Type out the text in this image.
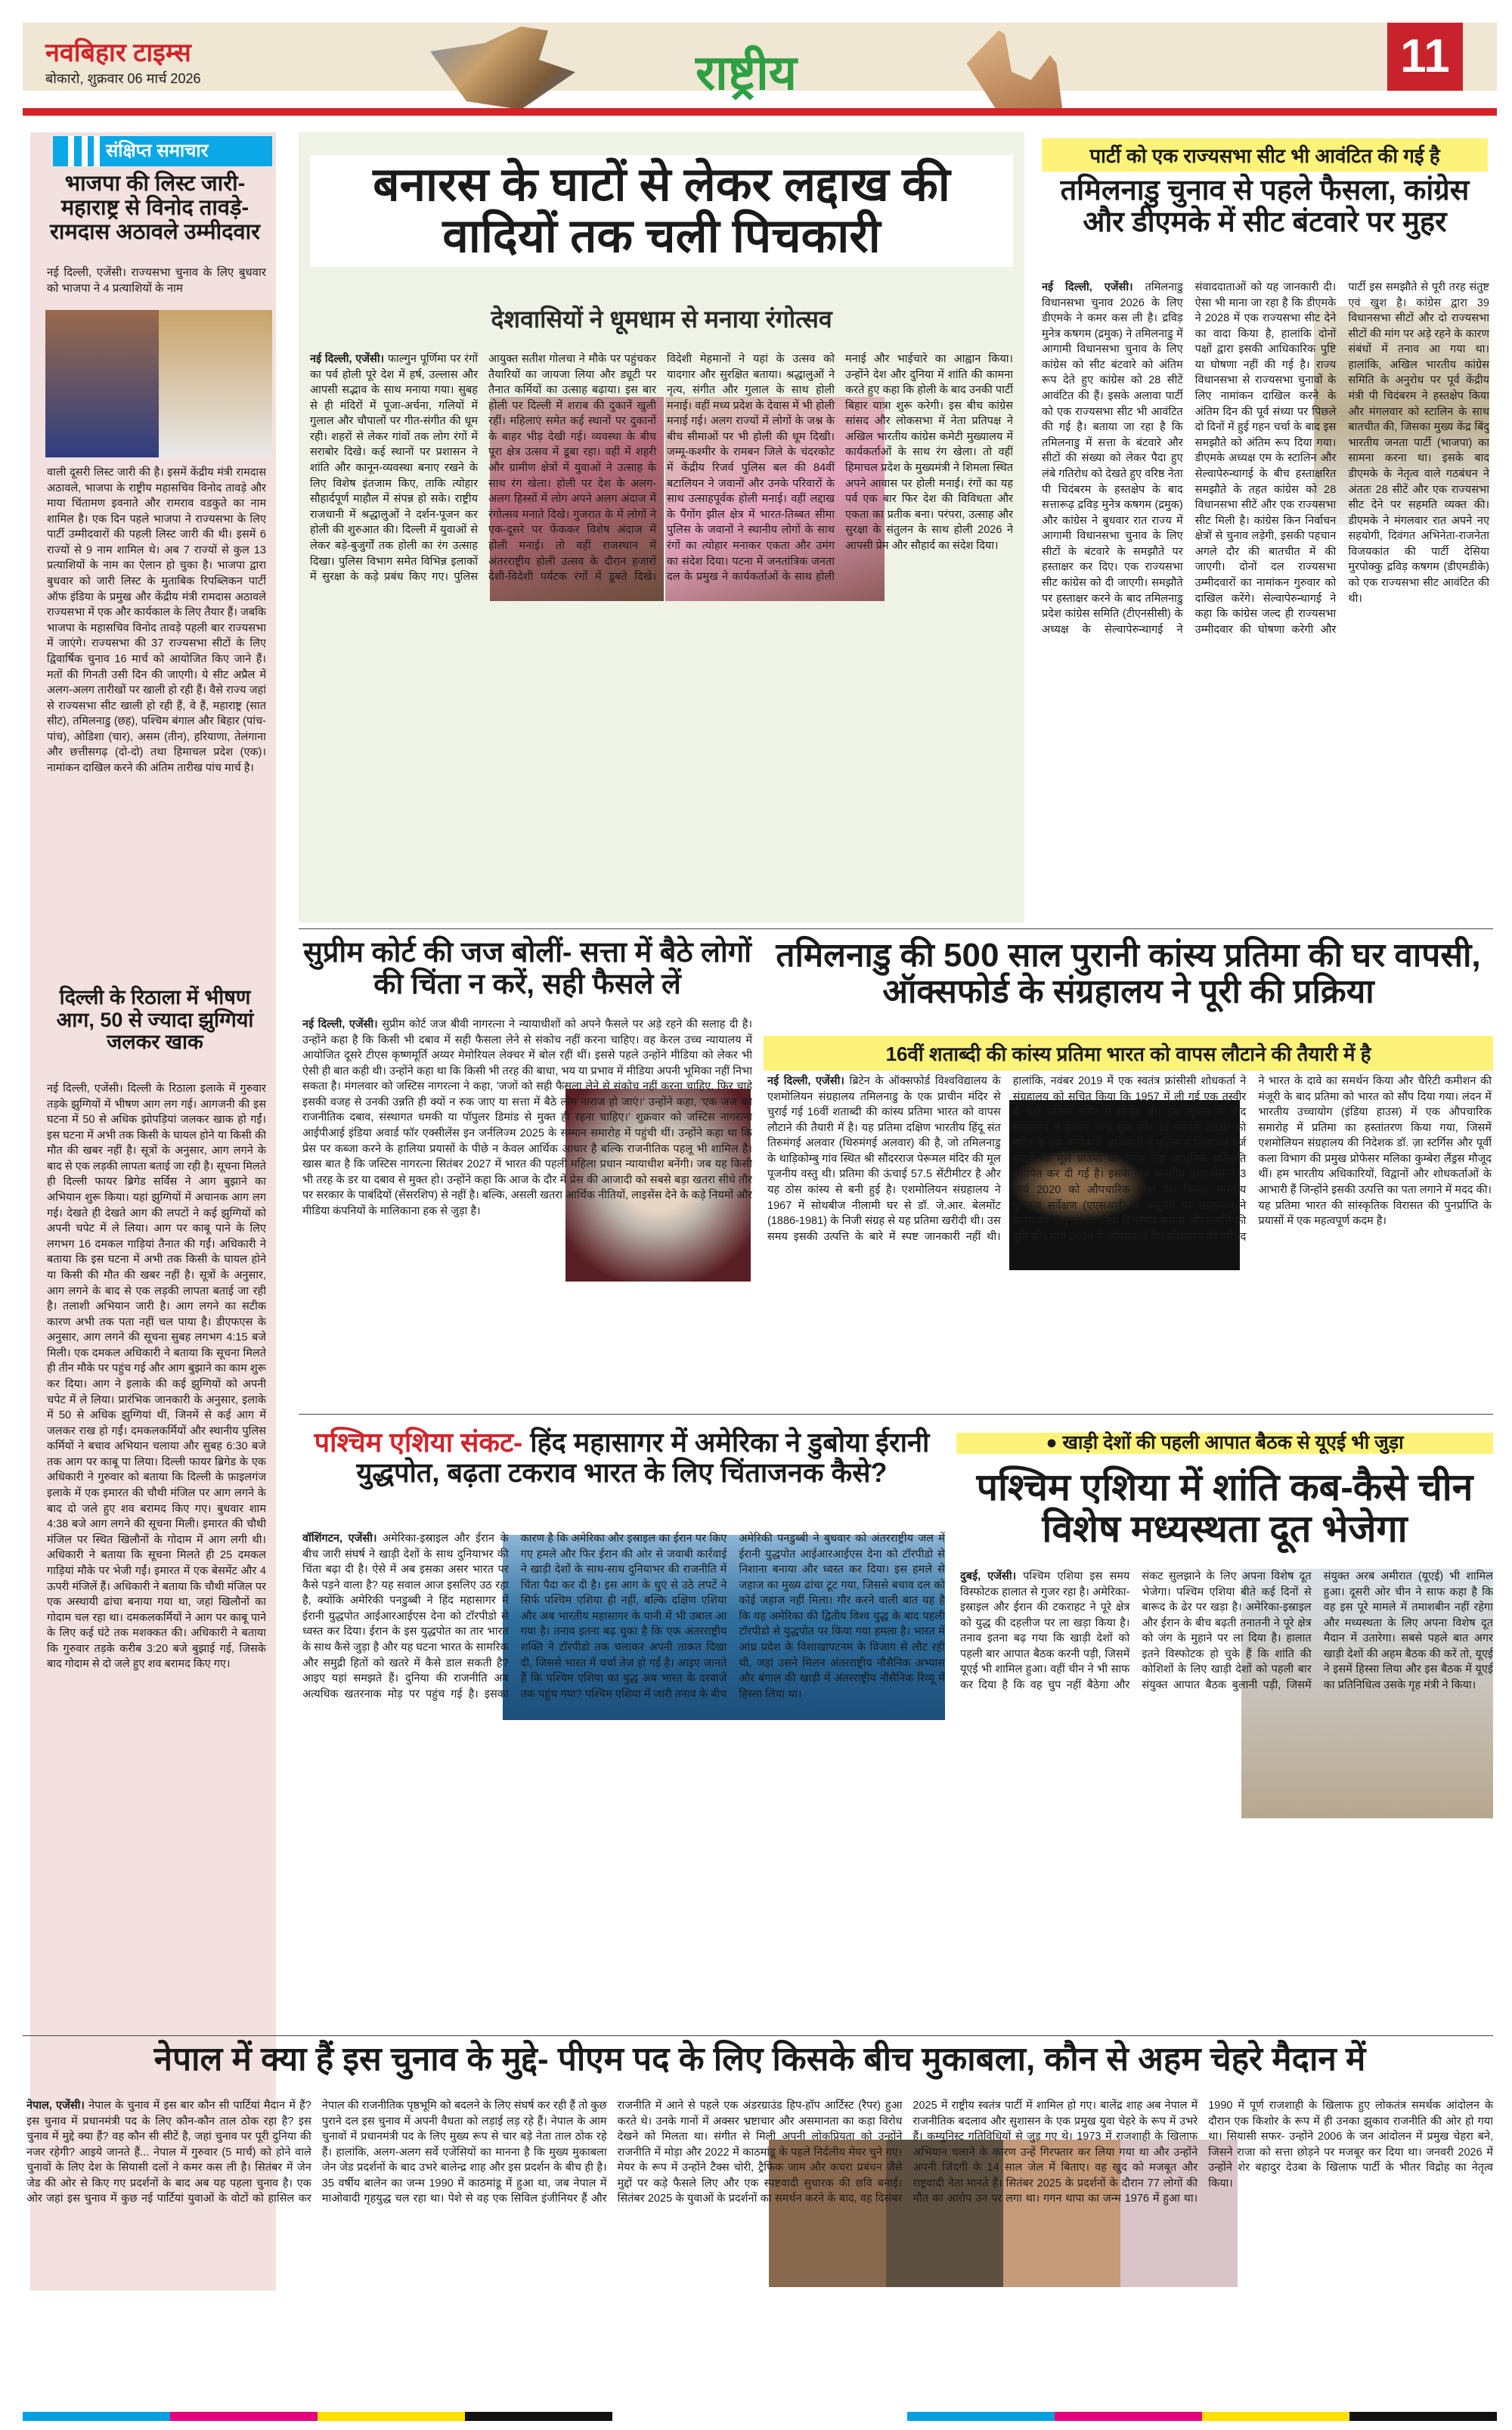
नवबिहार टाइम्स
बोकारो, शुक्रवार 06 मार्च 2026	राष्ट्रीय	11
संक्षिप्त समाचार
भाजपा की लिस्ट जारी- महाराष्ट्र से विनोद तावड़े- रामदास अठावले उम्मीदवार
नई दिल्ली, एजेंसी। राज्यसभा चुनाव के लिए बुधवार को भाजपा ने 4 प्रत्याशियों के नाम
वाली दूसरी लिस्ट जारी की है। इसमें केंद्रीय मंत्री रामदास अठावले, भाजपा के राष्ट्रीय महासचिव विनोद तावड़े और माया चिंतामण इवनाते और रामराव वडकुते का नाम शामिल है। एक दिन पहले भाजपा ने राज्यसभा के लिए पार्टी उम्मीदवारों की पहली लिस्ट जारी की थी। इसमें 6 राज्यों से 9 नाम शामिल थे। अब 7 राज्यों से कुल 13 प्रत्याशियों के नाम का ऐलान हो चुका है। भाजपा द्वारा बुधवार को जारी लिस्ट के मुताबिक रिपब्लिकन पार्टी ऑफ इंडिया के प्रमुख और केंद्रीय मंत्री रामदास अठावले राज्यसभा में एक और कार्यकाल के लिए तैयार हैं। जबकि भाजपा के महासचिव विनोद तावड़े पहली बार राज्यसभा में जाएंगे। राज्यसभा की 37 राज्यसभा सीटों के लिए द्विवार्षिक चुनाव 16 मार्च को आयोजित किए जाने हैं। मतों की गिनती उसी दिन की जाएगी। ये सीट अप्रैल में अलग-अलग तारीखों पर खाली हो रही हैं। वैसे राज्य जहां से राज्यसभा सीट खाली हो रही हैं, वे हैं, महाराष्ट्र (सात सीट), तमिलनाडु (छह), पश्चिम बंगाल और बिहार (पांच-पांच), ओडिशा (चार), असम (तीन), हरियाणा, तेलंगाना और छत्तीसगढ़ (दो-दो) तथा हिमाचल प्रदेश (एक)। नामांकन दाखिल करने की अंतिम तारीख पांच मार्च है।
दिल्ली के रिठाला में भीषण आग, 50 से ज्यादा झुग्गियां जलकर खाक
नई दिल्ली, एजेंसी। दिल्ली के रिठाला इलाके में गुरुवार तड़के झुग्गियों में भीषण आग लग गई। आगजनी की इस घटना में 50 से अधिक झोपड़ियां जलकर खाक हो गईं। इस घटना में अभी तक किसी के घायल होने या किसी की मौत की खबर नहीं है। सूत्रों के अनुसार, आग लगने के बाद से एक लड़की लापता बताई जा रही है। सूचना मिलते ही दिल्ली फायर ब्रिगेड सर्विस ने आग बुझाने का अभियान शुरू किया। यहां झुग्गियों में अचानक आग लग गई। देखते ही देखते आग की लपटों ने कई झुग्गियों को अपनी चपेट में ले लिया। आग पर काबू पाने के लिए लगभग 16 दमकल गाड़ियां तैनात की गईं। अधिकारी ने बताया कि इस घटना में अभी तक किसी के घायल होने या किसी की मौत की खबर नहीं है। सूत्रों के अनुसार, आग लगने के बाद से एक लड़की लापता बताई जा रही है। तलाशी अभियान जारी है। आग लगने का सटीक कारण अभी तक पता नहीं चल पाया है। डीएफएस के अनुसार, आग लगने की सूचना सुबह लगभग 4:15 बजे मिली। एक दमकल अधिकारी ने बताया कि सूचना मिलते ही तीन मौके पर पहुंच गई और आग बुझाने का काम शुरू कर दिया। आग ने इलाके की कई झुग्गियों को अपनी चपेट में ले लिया। प्रारंभिक जानकारी के अनुसार, इलाके में 50 से अधिक झुग्गियां थीं, जिनमें से कई आग में जलकर राख हो गईं। दमकलकर्मियों और स्थानीय पुलिस कर्मियों ने बचाव अभियान चलाया और सुबह 6:30 बजे तक आग पर काबू पा लिया। दिल्ली फायर ब्रिगेड के एक अधिकारी ने गुरुवार को बताया कि दिल्ली के फ़ाइलगंज इलाके में एक इमारत की चौथी मंजिल पर आग लगने के बाद दो जले हुए शव बरामद किए गए। बुधवार शाम 4:38 बजे आग लगने की सूचना मिली। इमारत की चौथी मंजिल पर स्थित खिलौनों के गोदाम में आग लगी थी। अधिकारी ने बताया कि सूचना मिलते ही 25 दमकल गाड़ियां मौके पर भेजी गईं। इमारत में एक बेसमेंट और 4 ऊपरी मंजिलें हैं। अधिकारी ने बताया कि चौथी मंजिल पर एक अस्थायी ढांचा बनाया गया था, जहां खिलौनों का गोदाम चल रहा था। दमकलकर्मियों ने आग पर काबू पाने के लिए कई घंटे तक मशक्कत की। अधिकारी ने बताया कि गुरुवार तड़के करीब 3:20 बजे बुझाई गई, जिसके बाद गोदाम से दो जले हुए शव बरामद किए गए।
बनारस के घाटों से लेकर लद्दाख की वादियों तक चली पिचकारी
देशवासियों ने धूमधाम से मनाया रंगोत्सव
नई दिल्ली, एजेंसी। फाल्गुन पूर्णिमा पर रंगों का पर्व होली पूरे देश में हर्ष, उल्लास और आपसी सद्भाव के साथ मनाया गया। सुबह से ही मंदिरों में पूजा-अर्चना, गलियों में गुलाल और चौपालों पर गीत-संगीत की धूम रही। शहरों से लेकर गांवों तक लोग रंगों में सराबोर दिखे। कई स्थानों पर प्रशासन ने शांति और कानून-व्यवस्था बनाए रखने के लिए विशेष इंतजाम किए, ताकि त्योहार सौहार्दपूर्ण माहौल में संपन्न हो सके। राष्ट्रीय राजधानी में श्रद्धालुओं ने दर्शन-पूजन कर होली की शुरुआत की। दिल्ली में युवाओं से लेकर बड़े-बुजुर्गों तक होली का रंग उत्साह दिखा। पुलिस विभाग समेत विभिन्न इलाकों में सुरक्षा के कड़े प्रबंध किए गए। पुलिस आयुक्त सतीश गोलचा ने मौके पर पहुंचकर तैयारियों का जायजा लिया और ड्यूटी पर तैनात कर्मियों का उत्साह बढ़ाया। इस बार होली पर दिल्ली में शराब की दुकानें खुली रहीं। महिलाएं समेत कई स्थानों पर दुकानों के बाहर भीड़ देखी गई। व्यवस्था के बीच पूरा क्षेत्र उत्सव में डूबा रहा। वहीं में शहरी और ग्रामीण क्षेत्रों में युवाओं ने उत्साह के साथ रंग खेला। होली पर देश के अलग-अलग हिस्सों में लोग अपने अलग अंदाज में रंगोत्सव मनाते दिखे। गुजरात के में लोगों ने एक-दूसरे पर फेंककर विशेष अंदाज में होली मनाई। तो वहीं राजस्थान में अंतरराष्ट्रीय होली उत्सव के दौरान हजारों देशी-विदेशी पर्यटक रंगों में डूबते दिखे। विदेशी मेहमानों ने यहां के उत्सव को यादगार और सुरक्षित बताया। श्रद्धालुओं ने नृत्य, संगीत और गुलाल के साथ होली मनाई। वहीं मध्य प्रदेश के देवास में भी होली मनाई गई। अलग राज्यों में लोगों के जश्न के बीच सीमाओं पर भी होली की धूम दिखी। जम्मू-कश्मीर के रामबन जिले के चंदरकोट में केंद्रीय रिजर्व पुलिस बल की 84वीं बटालियन ने जवानों और उनके परिवारों के साथ उत्साहपूर्वक होली मनाई। वहीं लद्दाख के पैंगोंग झील क्षेत्र में भारत-तिब्बत सीमा पुलिस के जवानों ने स्थानीय लोगों के साथ रंगों का त्योहार मनाकर एकता और उमंग का संदेश दिया। पटना में जनतांत्रिक जनता दल के प्रमुख ने कार्यकर्ताओं के साथ होली मनाई और भाईचारे का आह्वान किया। उन्होंने देश और दुनिया में शांति की कामना करते हुए कहा कि होली के बाद उनकी पार्टी बिहार यात्रा शुरू करेगी। इस बीच कांग्रेस सांसद और लोकसभा में नेता प्रतिपक्ष ने अखिल भारतीय कांग्रेस कमेटी मुख्यालय में कार्यकर्ताओं के साथ रंग खेला। तो वहीं हिमाचल प्रदेश के मुख्यमंत्री ने शिमला स्थित अपने आवास पर होली मनाई। रंगों का यह पर्व एक बार फिर देश की विविधता और एकता का प्रतीक बना। परंपरा, उत्साह और सुरक्षा के संतुलन के साथ होली 2026 ने आपसी प्रेम और सौहार्द का संदेश दिया।
पार्टी को एक राज्यसभा सीट भी आवंटित की गई है
तमिलनाडु चुनाव से पहले फैसला, कांग्रेस और डीएमके में सीट बंटवारे पर मुहर
नई दिल्ली, एजेंसी। तमिलनाडु विधानसभा चुनाव 2026 के लिए डीएमके ने कमर कस ली है। द्रविड़ मुनेत्र कषगम (द्रमुक) ने तमिलनाडु में आगामी विधानसभा चुनाव के लिए कांग्रेस को सीट बंटवारे को अंतिम रूप देते हुए कांग्रेस को 28 सीटें आवंटित की हैं। इसके अलावा पार्टी को एक राज्यसभा सीट भी आवंटित की गई है। बताया जा रहा है कि तमिलनाडु में सत्ता के बंटवारे और सीटों की संख्या को लेकर पैदा हुए लंबे गतिरोध को देखते हुए वरिष्ठ नेता पी चिदंबरम के हस्तक्षेप के बाद सत्तारूढ़ द्रविड़ मुनेत्र कषगम (द्रमुक) और कांग्रेस ने बुधवार रात राज्य में आगामी विधानसभा चुनाव के लिए सीटों के बंटवारे के समझौते पर हस्ताक्षर कर दिए। एक राज्यसभा सीट कांग्रेस को दी जाएगी। समझौते पर हस्ताक्षर करने के बाद तमिलनाडु प्रदेश कांग्रेस समिति (टीएनसीसी) के अध्यक्ष के सेल्वापेरुन्थागई ने संवाददाताओं को यह जानकारी दी। ऐसा भी माना जा रहा है कि डीएमके ने 2028 में एक राज्यसभा सीट देने का वादा किया है, हालांकि दोनों पक्षों द्वारा इसकी आधिकारिक पुष्टि या घोषणा नहीं की गई है। राज्य विधानसभा से राज्यसभा चुनावों के लिए नामांकन दाखिल करने के अंतिम दिन की पूर्व संध्या पर पिछले दो दिनों में हुई गहन चर्चा के बाद इस समझौते को अंतिम रूप दिया गया। डीएमके अध्यक्ष एम के स्टालिन और सेल्वापेरुन्थागई के बीच हस्ताक्षरित समझौते के तहत कांग्रेस को 28 विधानसभा सीटें और एक राज्यसभा सीट मिली है। कांग्रेस किन निर्वाचन क्षेत्रों से चुनाव लड़ेगी, इसकी पहचान अगले दौर की बातचीत में की जाएगी। दोनों दल राज्यसभा उम्मीदवारों का नामांकन गुरुवार को दाखिल करेंगे। सेल्वापेरुन्थागई ने कहा कि कांग्रेस जल्द ही राज्यसभा उम्मीदवार की घोषणा करेगी और पार्टी इस समझौते से पूरी तरह संतुष्ट एवं खुश है। कांग्रेस द्वारा 39 विधानसभा सीटों और दो राज्यसभा सीटों की मांग पर अड़े रहने के कारण संबंधों में तनाव आ गया था। हालांकि, अखिल भारतीय कांग्रेस समिति के अनुरोध पर पूर्व केंद्रीय मंत्री पी चिदंबरम ने हस्तक्षेप किया और मंगलवार को स्टालिन के साथ बातचीत की, जिसका मुख्य केंद्र बिंदु भारतीय जनता पार्टी (भाजपा) का सामना करना था। इसके बाद डीएमके के नेतृत्व वाले गठबंधन ने अंततः 28 सीटें और एक राज्यसभा सीट देने पर सहमति व्यक्त की। डीएमके ने मंगलवार रात अपने नए सहयोगी, दिवंगत अभिनेता-राजनेता विजयकांत की पार्टी देसिया मुरपोक्कु द्रविड़ कषगम (डीएमडीके) को एक राज्यसभा सीट आवंटित की थी।
सुप्रीम कोर्ट की जज बोलीं- सत्ता में बैठे लोगों की चिंता न करें, सही फैसले लें
नई दिल्ली, एजेंसी। सुप्रीम कोर्ट जज बीवी नागरत्ना ने न्यायाधीशों को अपने फैसले पर अड़े रहने की सलाह दी है। उन्होंने कहा है कि किसी भी दबाव में सही फैसला लेने से संकोच नहीं करना चाहिए। वह केरल उच्च न्यायालय में आयोजित दूसरे टीएस कृष्णमूर्ति अय्यर मेमोरियल लेक्चर में बोल रहीं थीं। इससे पहले उन्होंने मीडिया को लेकर भी ऐसी ही बात कही थी। उन्होंने कहा था कि किसी भी तरह की बाधा, भय या प्रभाव में मीडिया अपनी भूमिका नहीं निभा सकता है। मंगलवार को जस्टिस नागरत्ना ने कहा, 'जजों को सही फैसला लेने से संकोच नहीं करना चाहिए, फिर चाहे इसकी वजह से उनकी उन्नति ही क्यों न रुक जाए या सत्ता में बैठे लोग नाराज हो जाएं।' उन्होंने कहा, 'एक जज को राजनीतिक दबाव, संस्थागत धमकी या पॉपुलर डिमांड से मुक्त ही रहना चाहिए।' शुक्रवार को जस्टिस नागरत्ना आईपीआई इंडिया अवार्ड फॉर एक्सीलेंस इन जर्नलिज्म 2025 के सम्मान समारोह में पहुंची थीं। उन्होंने कहा था कि प्रेस पर कब्जा करने के हालिया प्रयासों के पीछे न केवल आर्थिक आधार है बल्कि राजनीतिक पहलू भी शामिल है। खास बात है कि जस्टिस नागरत्ना सितंबर 2027 में भारत की पहली महिला प्रधान न्यायाधीश बनेंगी। जब यह किसी भी तरह के डर या दबाव से मुक्त हो। उन्होंने कहा कि आज के दौर में प्रेस की आजादी को सबसे बड़ा खतरा सीधे तौर पर सरकार के पाबंदियों (सेंसरशिप) से नहीं है। बल्कि, असली खतरा आर्थिक नीतियों, लाइसेंस देने के कड़े नियमों और मीडिया कंपनियों के मालिकाना हक से जुड़ा है।
तमिलनाडु की 500 साल पुरानी कांस्य प्रतिमा की घर वापसी, ऑक्सफोर्ड के संग्रहालय ने पूरी की प्रक्रिया
16वीं शताब्दी की कांस्य प्रतिमा भारत को वापस लौटाने की तैयारी में है
नई दिल्ली, एजेंसी। ब्रिटेन के ऑक्सफोर्ड विश्वविद्यालय के एशमोलियन संग्रहालय तमिलनाडु के एक प्राचीन मंदिर से चुराई गई 16वीं शताब्दी की कांस्य प्रतिमा भारत को वापस लौटाने की तैयारी में है। यह प्रतिमा दक्षिण भारतीय हिंदू संत तिरुमंगई अलवार (थिरुमंगई अलवार) की है, जो तमिलनाडु के थाड़िकोम्बु गांव स्थित श्री सौंदरराज पेरूमल मंदिर की मूल पूजनीय वस्तु थी। प्रतिमा की ऊंचाई 57.5 सेंटीमीटर है और यह ठोस कांस्य से बनी हुई है। एशमोलियन संग्रहालय ने 1967 में सोथबीज नीलामी घर से डॉ. जे.आर. बेलमोंट (1886-1981) के निजी संग्रह से यह प्रतिमा खरीदी थी। उस समय इसकी उत्पत्ति के बारे में स्पष्ट जानकारी नहीं थी। हालांकि, नवंबर 2019 में एक स्वतंत्र फ्रांसीसी शोधकर्ता ने संग्रहालय को सूचित किया कि 1957 में ली गई एक तस्वीर में यही प्रतिमा मंदिर में मौजूद थी। इस सूचना के बाद संग्रहालय ने इसकी जांच शुरू की। 11 फरवरी 2020 को मंदिर के एक कार्यकारी अधिकारी ने पुलिस में शिकायत दर्ज कराई कि मूल प्रतिमा की जगह एक आधुनिक प्रतिकृति स्थापित कर दी गई है। इसके बाद भारतीय उच्चायोग ने 3 मार्च 2020 को औपचारिक दावा पेश किया। भारतीय पुरातत्व सर्वेक्षण (एएसआई) के अनुरोध पर संग्रहालय ने कांस्य की धातु का वैज्ञानिक विश्लेषण कराया और उत्पत्ति की पुष्टि की। मार्च 2024 में ऑक्सफोर्ड विश्वविद्यालय की परिषद ने भारत के दावे का समर्थन किया और चैरिटी कमीशन की मंजूरी के बाद प्रतिमा को भारत को सौंप दिया गया। लंदन में भारतीय उच्चायोग (इंडिया हाउस) में एक औपचारिक समारोह में प्रतिमा का हस्तांतरण किया गया, जिसमें एशमोलियन संग्रहालय की निदेशक डॉ. ज़ा स्टर्गिस और पूर्वी कला विभाग की प्रमुख प्रोफेसर मलिका कुम्बेरा लैंड्रस मौजूद थीं। हम भारतीय अधिकारियों, विद्वानों और शोधकर्ताओं के आभारी हैं जिन्होंने इसकी उत्पत्ति का पता लगाने में मदद की। यह प्रतिमा भारत की सांस्कृतिक विरासत की पुनर्प्राप्ति के प्रयासों में एक महत्वपूर्ण कदम है।
पश्चिम एशिया संकट- हिंद महासागर में अमेरिका ने डुबोया ईरानी युद्धपोत, बढ़ता टकराव भारत के लिए चिंताजनक कैसे?
वॉशिंगटन, एजेंसी। अमेरिका-इस्राइल और ईरान के बीच जारी संघर्ष ने खाड़ी देशों के साथ दुनियाभर की चिंता बढ़ा दी है। ऐसे में अब इसका असर भारत पर कैसे पड़ने वाला है? यह सवाल आज इसलिए उठ रहा है, क्योंकि अमेरिकी पनडुब्बी ने हिंद महासागर में ईरानी युद्धपोत आईआरआईएस देना को टॉरपीडो से ध्वस्त कर दिया। ईरान के इस युद्धपोत का तार भारत के साथ कैसे जुड़ा है और यह घटना भारत के सामरिक और समुद्री हितों को खतरे में कैसे डाल सकती है? आइए यहां समझते हैं। दुनिया की राजनीति अब अत्यधिक खतरनाक मोड़ पर पहुंच गई है। इसका कारण है कि अमेरिका और इस्राइल का ईरान पर किए गए हमले और फिर ईरान की ओर से जवाबी कार्रवाई ने खाड़ी देशों के साथ-साथ दुनियाभर की राजनीति में चिंता पैदा कर दी है। इस आग के धुएं से उठे लपटें ने सिर्फ पश्चिम एशिया ही नहीं, बल्कि दक्षिण एशिया और अब भारतीय महासागर के पानी में भी उबाल आ गया है। तनाव इतना बढ़ चुका है कि एक अंतरराष्ट्रीय शक्ति ने टॉरपीडो तक चलाकर अपनी ताकत दिखा दी, जिससे भारत में चर्चा तेज हो गई है। आइए जानते हैं कि पश्चिम एशिया का युद्ध अब भारत के दरवाजे तक पहुंच गया? पश्चिम एशिया में जारी तनाव के बीच अमेरिकी पनडुब्बी ने बुधवार को अंतरराष्ट्रीय जल में ईरानी युद्धपोत आईआरआईएस देना को टॉरपीडो से निशाना बनाया और ध्वस्त कर दिया। इस हमले से जहाज का मुख्य ढांचा टूट गया, जिससे बचाव दल को कोई जहाज नहीं मिला। गौर करने वाली बात यह है कि यह अमेरिका की द्वितीय विश्व युद्ध के बाद पहली टॉरपीडो से युद्धपोत पर किया गया हमला है। भारत में आंध्र प्रदेश के विशाखापटनम के विजाग से लौट रही थी, जहां उसने मिलन अंतरराष्ट्रीय नौसैनिक अभ्यास और बंगाल की खाड़ी में अंतरराष्ट्रीय नौसैनिक रिव्यू में हिस्सा लिया था।
● खाड़ी देशों की पहली आपात बैठक से यूएई भी जुड़ा
पश्चिम एशिया में शांति कब-कैसे चीन विशेष मध्यस्थता दूत भेजेगा
दुबई, एजेंसी। पश्चिम एशिया इस समय विस्फोटक हालात से गुजर रहा है। अमेरिका-इस्राइल और ईरान की टकराहट ने पूरे क्षेत्र को युद्ध की दहलीज पर ला खड़ा किया है। तनाव इतना बढ़ गया कि खाड़ी देशों को पहली बार आपात बैठक करनी पड़ी, जिसमें यूएई भी शामिल हुआ। वहीं चीन ने भी साफ कर दिया है कि वह चुप नहीं बैठेगा और संकट सुलझाने के लिए अपना विशेष दूत भेजेगा। पश्चिम एशिया बीते कई दिनों से बारूद के ढेर पर खड़ा है। अमेरिका-इस्राइल और ईरान के बीच बढ़ती तनातनी ने पूरे क्षेत्र को जंग के मुहाने पर ला दिया है। हालात इतने विस्फोटक हो चुके हैं कि शांति की कोशिशों के लिए खाड़ी देशों को पहली बार संयुक्त आपात बैठक बुलानी पड़ी, जिसमें संयुक्त अरब अमीरात (यूएई) भी शामिल हुआ। दूसरी ओर चीन ने साफ कहा है कि वह इस पूरे मामले में तमाशबीन नहीं रहेगा और मध्यस्थता के लिए अपना विशेष दूत मैदान में उतारेगा। सबसे पहले बात अगर खाड़ी देशों की अहम बैठक की करें तो, यूएई ने इसमें हिस्सा लिया और इस बैठक में यूएई का प्रतिनिधित्व उसके गृह मंत्री ने किया।
नेपाल में क्या हैं इस चुनाव के मुद्दे- पीएम पद के लिए किसके बीच मुकाबला, कौन से अहम चेहरे मैदान में
नेपाल, एजेंसी। नेपाल के चुनाव में इस बार कौन सी पार्टियां मैदान में हैं? इस चुनाव में प्रधानमंत्री पद के लिए कौन-कौन ताल ठोक रहा है? इस चुनाव में मुद्दे क्या हैं? वह कौन सी सीटें है, जहां चुनाव पर पूरी दुनिया की नजर रहेगी? आइये जानते हैं... नेपाल में गुरुवार (5 मार्च) को होने वाले चुनावों के लिए देश के सियासी दलों ने कमर कस ली है। सितंबर में जेन जेड की ओर से किए गए प्रदर्शनों के बाद अब यह पहला चुनाव है। एक ओर जहां इस चुनाव में कुछ नई पार्टियां युवाओं के वोटों को हासिल कर नेपाल की राजनीतिक पृष्ठभूमि को बदलने के लिए संघर्ष कर रही हैं तो कुछ पुराने दल इस चुनाव में अपनी वैधता को लड़ाई लड़ रहे हैं। नेपाल के आम चुनावों में प्रधानमंत्री पद के लिए मुख्य रूप से चार बड़े नेता ताल ठोक रहे हैं। हालांकि, अलग-अलग सर्वे एजेंसियों का मानना है कि मुख्य मुकाबला जेन जेड प्रदर्शनों के बाद उभरे बालेन्द्र शाह और इस प्रदर्शन के बीच ही है। 35 वर्षीय बालेन का जन्म 1990 में काठमांडू में हुआ था, जब नेपाल में माओवादी गृहयुद्ध चल रहा था। पेशे से वह एक सिविल इंजीनियर हैं और राजनीति में आने से पहले एक अंडरग्राउंड हिप-हॉप आर्टिस्ट (रैपर) हुआ करते थे। उनके गानों में अक्सर भ्रष्टाचार और असमानता का कड़ा विरोध देखने को मिलता था। संगीत से मिली अपनी लोकप्रियता को उन्होंने राजनीति में मोड़ा और 2022 में काठमांडू के पहले निर्दलीय मेयर चुने गए। मेयर के रूप में उन्होंने टैक्स चोरी, ट्रैफिक जाम और कचरा प्रबंधन जैसे मुद्दों पर कड़े फैसले लिए और एक स्पष्टवादी सुधारक की छवि बनाई। सितंबर 2025 के युवाओं के प्रदर्शनों का समर्थन करने के बाद, वह दिसंबर 2025 में राष्ट्रीय स्वतंत्र पार्टी में शामिल हो गए। बालेंद्र शाह अब नेपाल में राजनीतिक बदलाव और सुशासन के एक प्रमुख युवा चेहरे के रूप में उभरे हैं। कम्युनिस्ट गतिविधियों से जुड़ गए थे। 1973 में राजशाही के खिलाफ अभियान चलाने के कारण उन्हें गिरफ्तार कर लिया गया था और उन्होंने अपनी जिंदगी के 14 साल जेल में बिताए। वह खुद को मजबूत और राष्ट्रवादी नेता मानते हैं। सितंबर 2025 के प्रदर्शनों के दौरान 77 लोगों की मौत का आरोप उन पर लगा था। गगन थापा का जन्म 1976 में हुआ था। 1990 में पूर्ण राजशाही के खिलाफ हुए लोकतंत्र समर्थक आंदोलन के दौरान एक किशोर के रूप में ही उनका झुकाव राजनीति की ओर हो गया था। सियासी सफर- उन्होंने 2006 के जन आंदोलन में प्रमुख चेहरा बने, जिसने राजा को सत्ता छोड़ने पर मजबूर कर दिया था। जनवरी 2026 में उन्होंने शेर बहादुर देउबा के खिलाफ पार्टी के भीतर विद्रोह का नेतृत्व किया।
